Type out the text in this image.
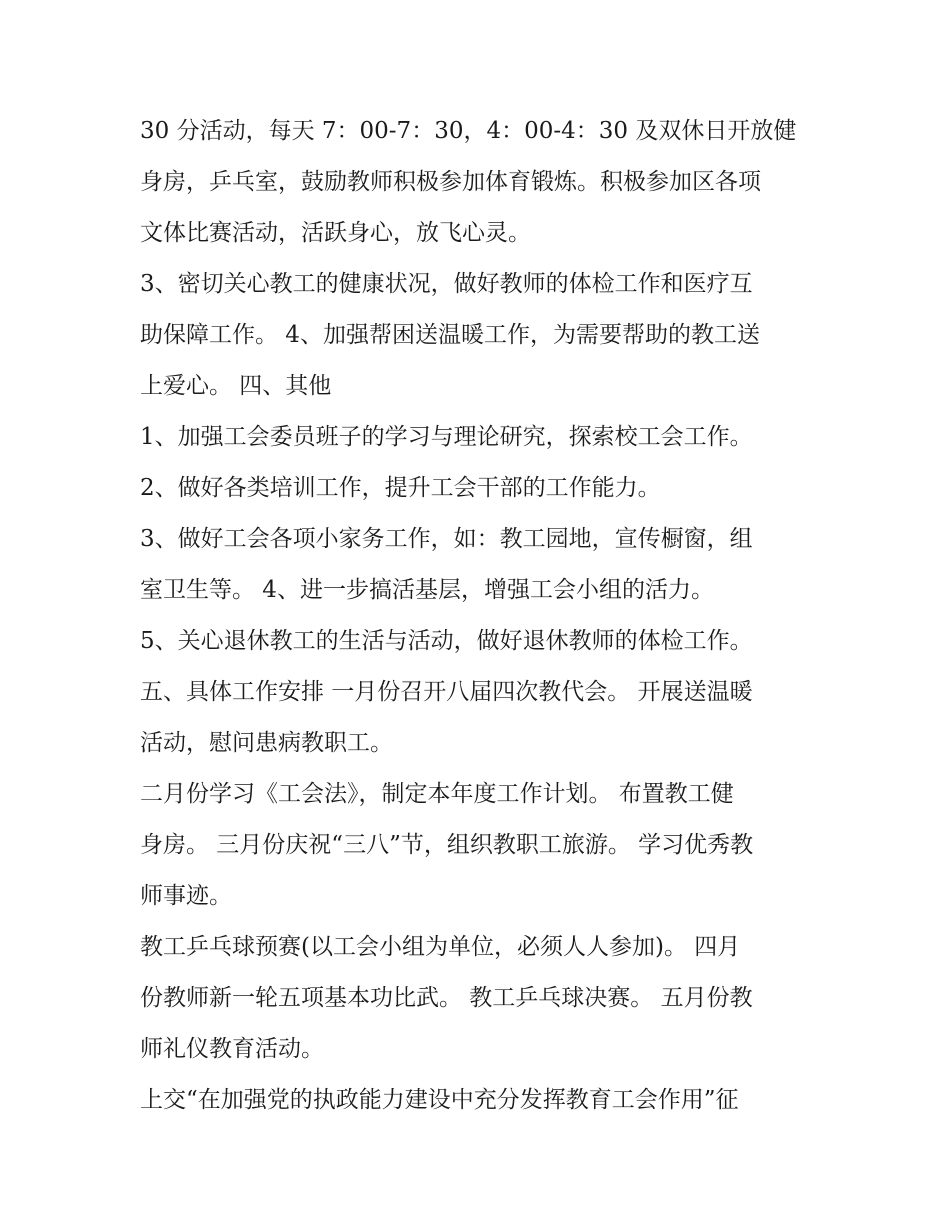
30 分活动，每天 7：00-7：30，4：00-4：30 及双休日开放健
身房，乒乓室，鼓励教师积极参加体育锻炼。积极参加区各项
文体比赛活动，活跃身心，放飞心灵。
3、密切关心教工的健康状况，做好教师的体检工作和医疗互
助保障工作。 4、加强帮困送温暖工作，为需要帮助的教工送
上爱心。 四、其他
1、加强工会委员班子的学习与理论研究，探索校工会工作。
2、做好各类培训工作，提升工会干部的工作能力。
3、做好工会各项小家务工作，如：教工园地，宣传橱窗，组
室卫生等。 4、进一步搞活基层，增强工会小组的活力。
5、关心退休教工的生活与活动，做好退休教师的体检工作。
五、具体工作安排 一月份召开八届四次教代会。 开展送温暖
活动，慰问患病教职工。
二月份学习《工会法》，制定本年度工作计划。 布置教工健
身房。 三月份庆祝“三八”节，组织教职工旅游。 学习优秀教
师事迹。
教工乒乓球预赛(以工会小组为单位，必须人人参加)。 四月
份教师新一轮五项基本功比武。 教工乒乓球决赛。 五月份教
师礼仪教育活动。
上交“在加强党的执政能力建设中充分发挥教育工会作用”征
